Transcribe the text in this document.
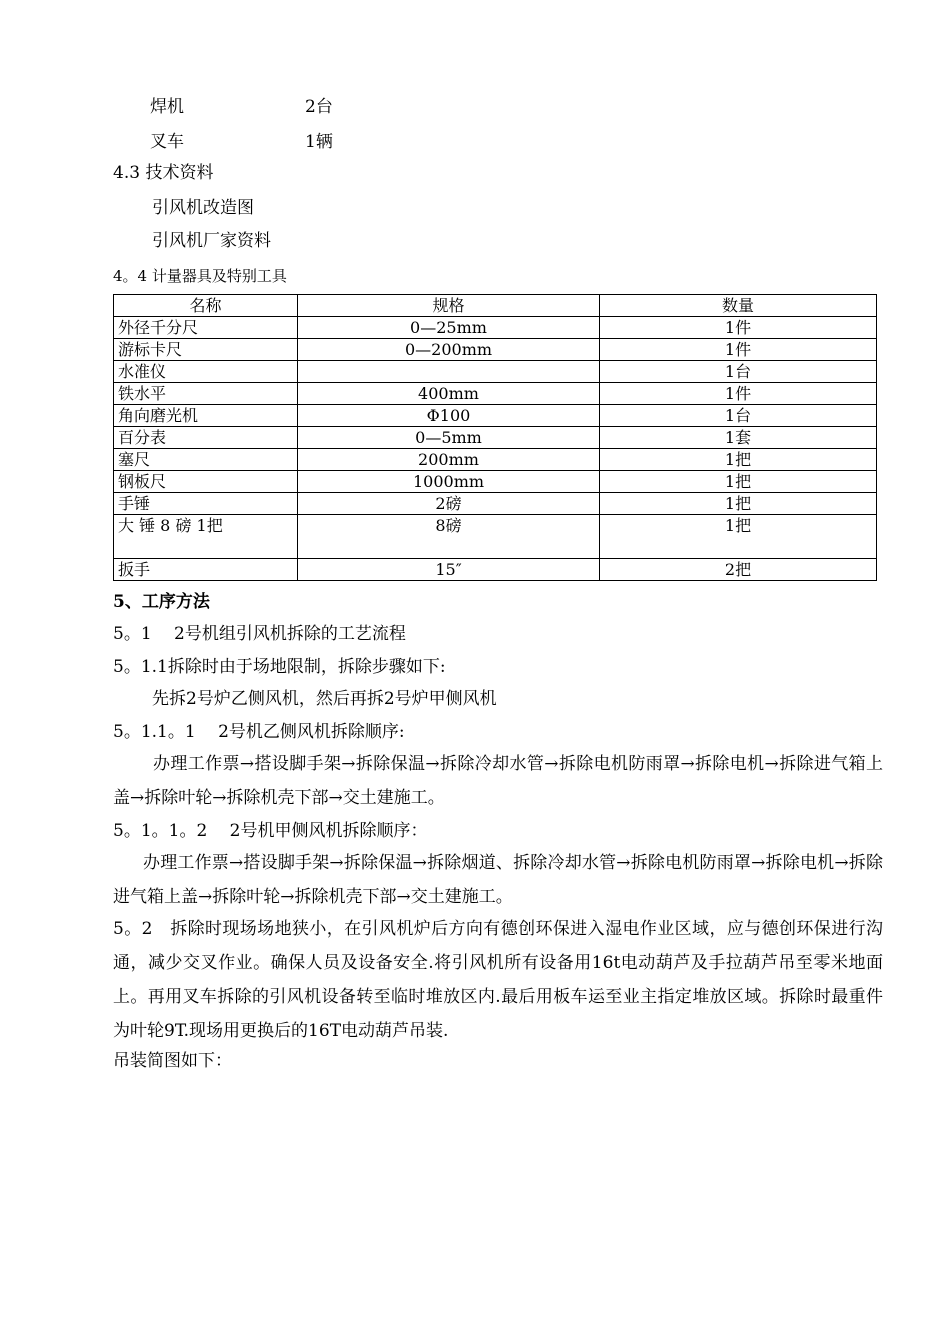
焊机	2台
叉车	1辆
4.3 技术资料
引风机改造图
引风机厂家资料
4。4 计量器具及特别工具
名称	规格	数量
外径千分尺	0—25mm	1件
游标卡尺	0—200mm	1件
水准仪		1台
铁水平	400mm	1件
角向磨光机	Φ100	1台
百分表	0—5mm	1套
塞尺	200mm	1把
钢板尺	1000mm	1把
手锤	2磅	1把
大 锤 8 磅 1把	8磅	1把
扳手	15″	2把
5、工序方法
5。1　 2号机组引风机拆除的工艺流程
5。1.1拆除时由于场地限制，拆除步骤如下:
先拆2号炉乙侧风机，然后再拆2号炉甲侧风机
5。1.1。1　 2号机乙侧风机拆除顺序:
办理工作票→搭设脚手架→拆除保温→拆除冷却水管→拆除电机防雨罩→拆除电机→拆除进气箱上盖→拆除叶轮→拆除机壳下部→交土建施工。
5。1。1。2　 2号机甲侧风机拆除顺序：
办理工作票→搭设脚手架→拆除保温→拆除烟道、拆除冷却水管→拆除电机防雨罩→拆除电机→拆除进气箱上盖→拆除叶轮→拆除机壳下部→交土建施工。
5。2　拆除时现场场地狭小，在引风机炉后方向有德创环保进入湿电作业区域，应与德创环保进行沟通，减少交叉作业。确保人员及设备安全.将引风机所有设备用16t电动葫芦及手拉葫芦吊至零米地面上。再用叉车拆除的引风机设备转至临时堆放区内.最后用板车运至业主指定堆放区域。拆除时最重件为叶轮9T.现场用更换后的16T电动葫芦吊装.
吊装简图如下：
